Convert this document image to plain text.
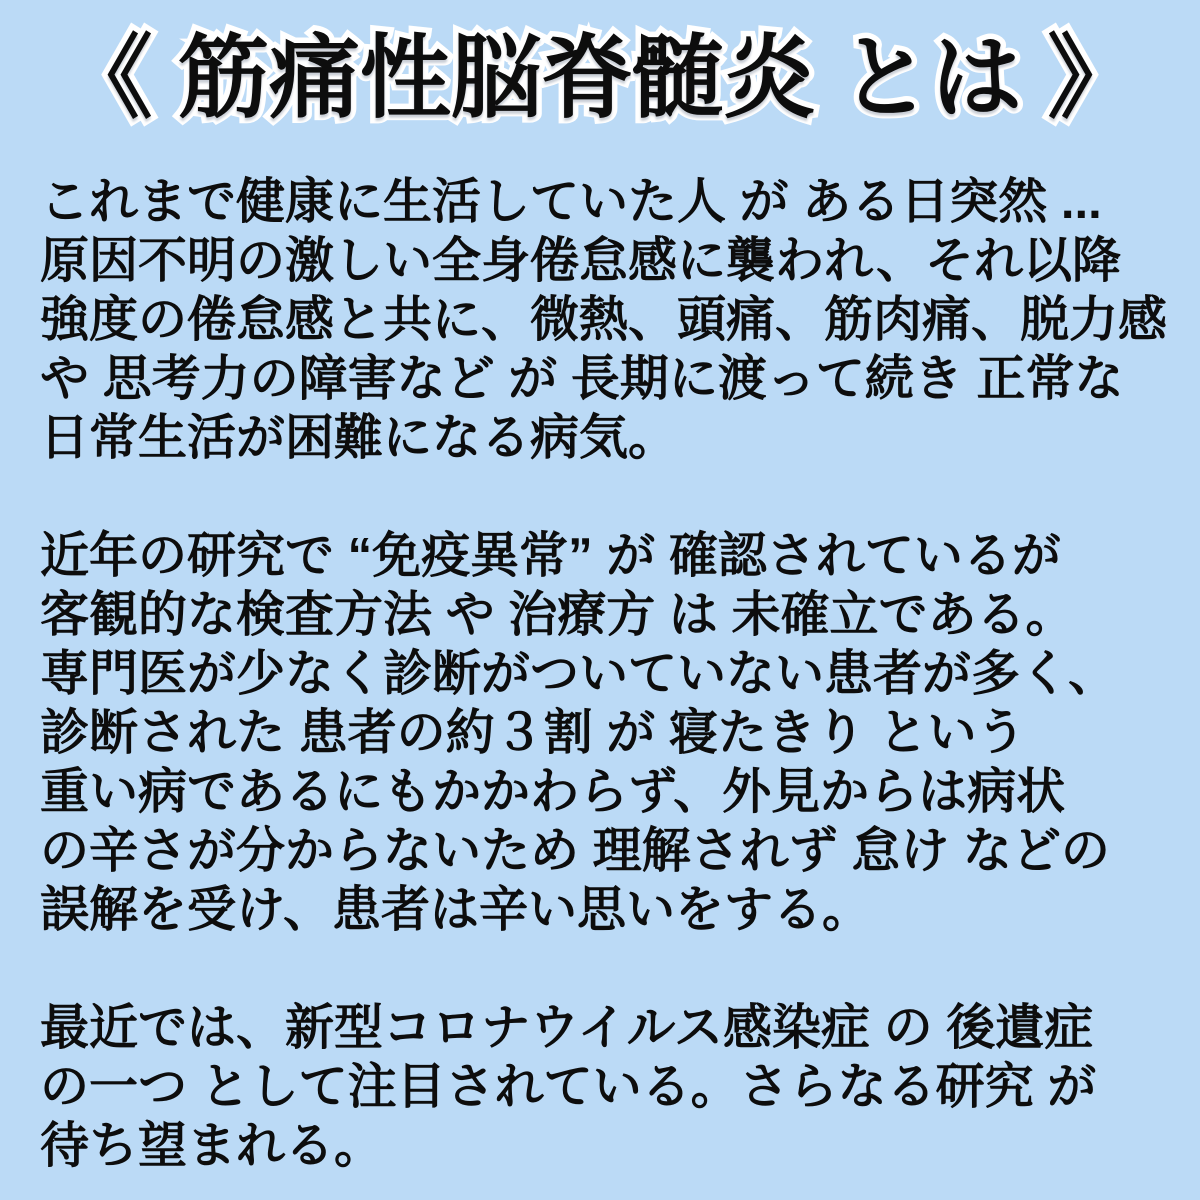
《 筋痛性脳脊髄炎 とは 》
これまで健康に生活していた人 が ある日突然 ...
原因不明の激しい全身倦怠感に襲われ、それ以降
強度の倦怠感と共に、微熱、頭痛、筋肉痛、脱力感
や 思考力の障害など が 長期に渡って続き 正常な
日常生活が困難になる病気。
近年の研究で “免疫異常” が 確認されているが
客観的な検査方法 や 治療方 は 未確立である。
専門医が少なく診断がついていない患者が多く、
診断された 患者の約３割 が 寝たきり という
重い病であるにもかかわらず、外見からは病状
の辛さが分からないため 理解されず 怠け などの
誤解を受け、患者は辛い思いをする。
最近では、新型コロナウイルス感染症 の 後遺症
の一つ として注目されている。さらなる研究 が
待ち望まれる。
